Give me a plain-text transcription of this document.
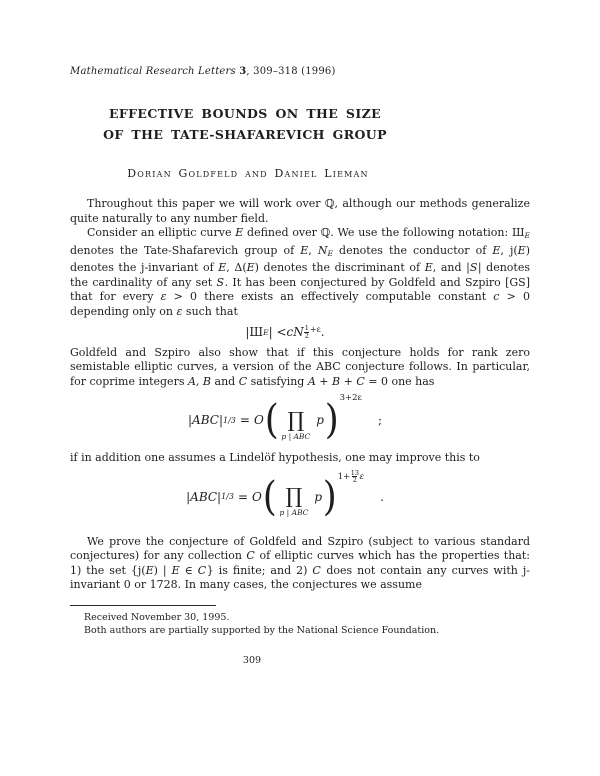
Mathematical Research Letters 3, 309–318 (1996)
EFFECTIVE BOUNDS ON THE SIZE
OF THE TATE-SHAFAREVICH GROUP
Dorian Goldfeld and Daniel Lieman

Throughout this paper we will work over ℚ, although our methods generalize quite naturally to any number field.

Consider an elliptic curve E defined over ℚ. We use the following notation: ШE denotes the Tate-Shafarevich group of E, NE denotes the conductor of E, j(E) denotes the j-invariant of E, Δ(E) denotes the discriminant of E, and |S| denotes the cardinality of any set S. It has been conjectured by Goldfeld and Szpiro [GS] that for every ε > 0 there exists an effectively computable constant c > 0 depending only on ε such that

|Ш E | < cN $\frac{1}{2} +\varepsilon$ .

Goldfeld and Szpiro also show that if this conjecture holds for rank zero semistable elliptic curves, a version of the ABC conjecture follows. In particular, for coprime integers A, B and C satisfying A + B + C = 0 one has

|ABC| 1/3 = O ( ∏
p | ABC
p ) 3+2ε
;

if in addition one assumes a Lindelöf hypothesis, one may improve this to

|ABC| 1/3 = O ( ∏
p | ABC
p ) $1+ \frac{13}{2}$ ε
.

We prove the conjecture of Goldfeld and Szpiro (subject to various standard conjectures) for any collection C of elliptic curves which has the properties that: 1) the set {j(E) | E ∈ C} is finite; and 2) C does not contain any curves with j-invariant 0 or 1728. In many cases, the conjectures we assume

Received November 30, 1995.

Both authors are partially supported by the National Science Foundation.

309
